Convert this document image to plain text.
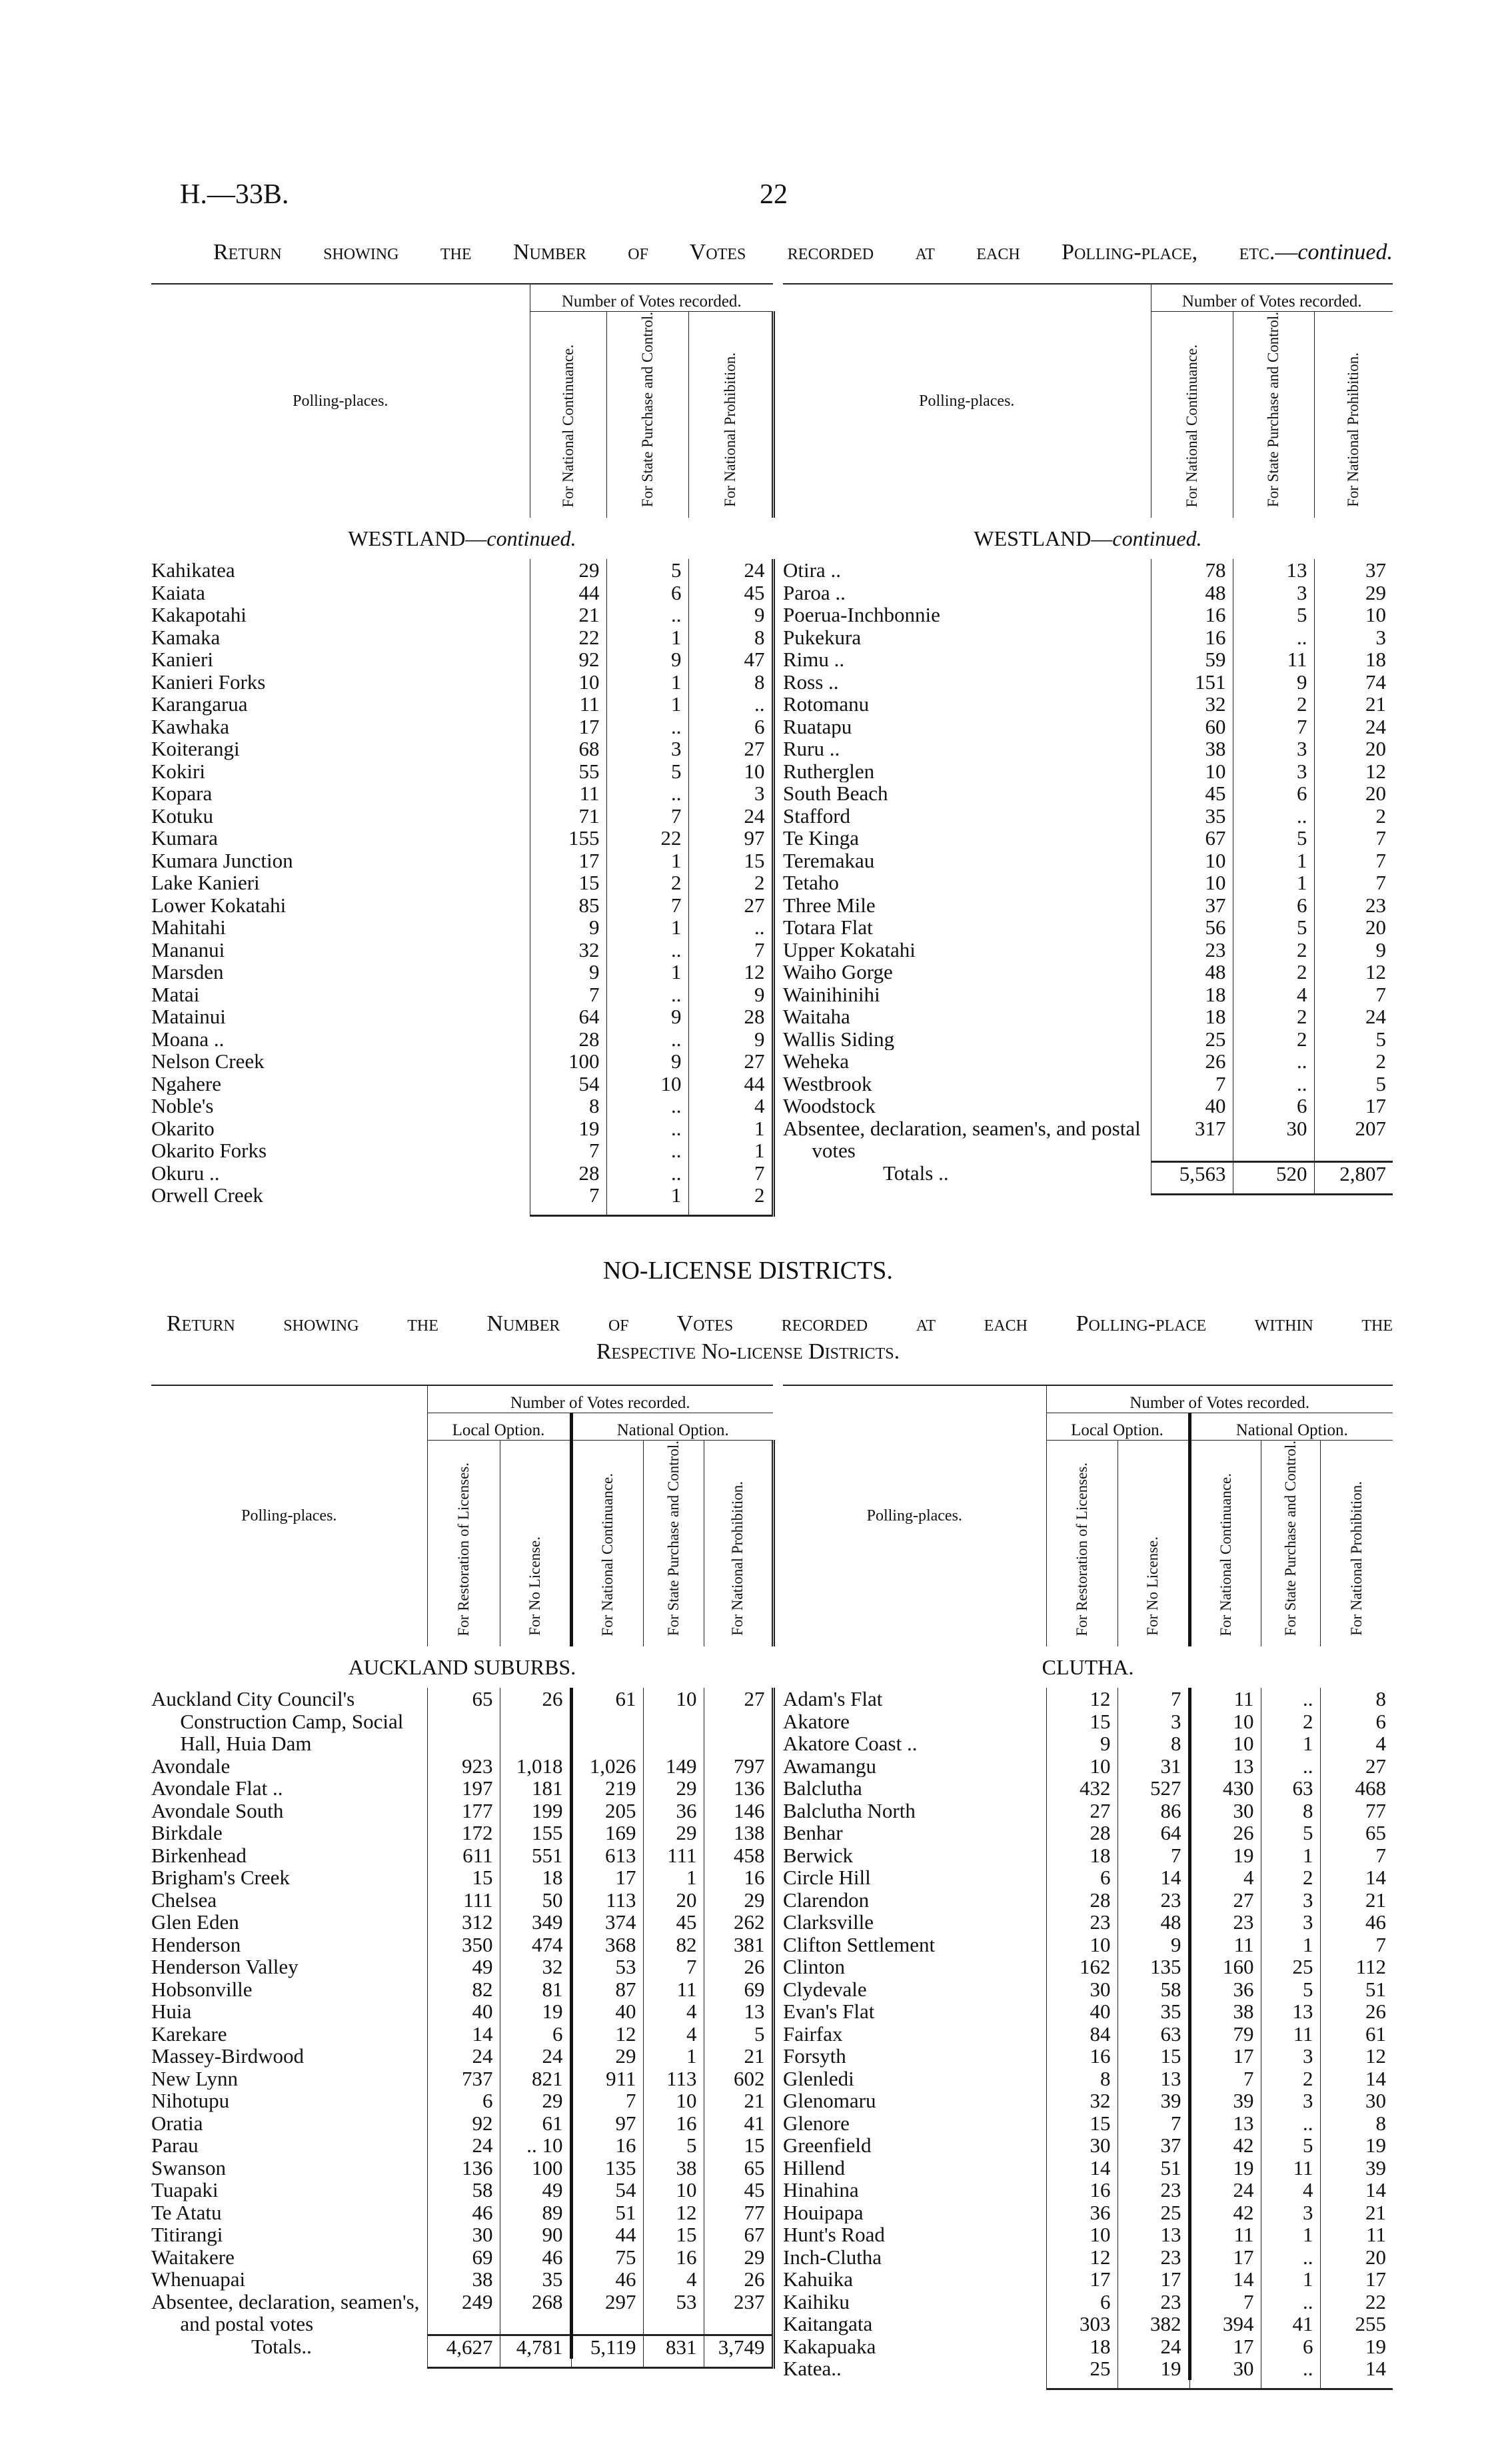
H.—33B.	22
Return showing the Number of Votes recorded at each Polling-place, etc.—continued.
Polling-places.	Number of Votes recorded.		
	For National Continuance.	For State Purchase and Control.	For National Prohibition.
WESTLAND—continued.			
Kahikatea	29	5	24
Kaiata	44	6	45
Kakapotahi	21	..	9
Kamaka	22	1	8
Kanieri	92	9	47
Kanieri Forks	10	1	8
Karangarua	11	1	..
Kawhaka	17	..	6
Koiterangi	68	3	27
Kokiri	55	5	10
Kopara	11	..	3
Kotuku	71	7	24
Kumara	155	22	97
Kumara Junction	17	1	15
Lake Kanieri	15	2	2
Lower Kokatahi	85	7	27
Mahitahi	9	1	..
Mananui	32	..	7
Marsden	9	1	12
Matai	7	..	9
Matainui	64	9	28
Moana ..	28	..	9
Nelson Creek	100	9	27
Ngahere	54	10	44
Noble's	8	..	4
Okarito	19	..	1
Okarito Forks	7	..	1
Okuru ..	28	..	7
Orwell Creek	7	1	2

Polling-places.	Number of Votes recorded.		
	For National Continuance.	For State Purchase and Control.	For National Prohibition.
WESTLAND—continued.			
Otira ..	78	13	37
Paroa ..	48	3	29
Poerua-Inchbonnie	16	5	10
Pukekura	16	..	3
Rimu ..	59	11	18
Ross ..	151	9	74
Rotomanu	32	2	21
Ruatapu	60	7	24
Ruru ..	38	3	20
Rutherglen	10	3	12
South Beach	45	6	20
Stafford	35	..	2
Te Kinga	67	5	7
Teremakau	10	1	7
Tetaho	10	1	7
Three Mile	37	6	23
Totara Flat	56	5	20
Upper Kokatahi	23	2	9
Waiho Gorge	48	2	12
Wainihinihi	18	4	7
Waitaha	18	2	24
Wallis Siding	25	2	5
Weheka	26	..	2
Westbrook	7	..	5
Woodstock	40	6	17
Absentee, declaration, seamen's, and postal votes	317	30	207
Totals ..	5,563	520	2,807

NO-LICENSE DISTRICTS.
Return showing the Number of Votes recorded at each Polling-place within the
Respective No-license Districts.
Polling-places.	Number of Votes recorded.				
	Local Option.		National Option.		
	For Restoration of Licenses.	For No License.	For National Continuance.	For State Purchase and Control.	For National Prohibition.
AUCKLAND SUBURBS.					
Auckland City Council's Construction Camp, Social Hall, Huia Dam	65	26	61	10	27
Avondale	923	1,018	1,026	149	797
Avondale Flat ..	197	181	219	29	136
Avondale South	177	199	205	36	146
Birkdale	172	155	169	29	138
Birkenhead	611	551	613	111	458
Brigham's Creek	15	18	17	1	16
Chelsea	111	50	113	20	29
Glen Eden	312	349	374	45	262
Henderson	350	474	368	82	381
Henderson Valley	49	32	53	7	26
Hobsonville	82	81	87	11	69
Huia	40	19	40	4	13
Karekare	14	6	12	4	5
Massey-Birdwood	24	24	29	1	21
New Lynn	737	821	911	113	602
Nihotupu	6	29	7	10	21
Oratia	92	61	97	16	41
Parau	24	.. 10	16	5	15
Swanson	136	100	135	38	65
Tuapaki	58	49	54	10	45
Te Atatu	46	89	51	12	77
Titirangi	30	90	44	15	67
Waitakere	69	46	75	16	29
Whenuapai	38	35	46	4	26
Absentee, declaration, seamen's, and postal votes	249	268	297	53	237
Totals..	4,627	4,781	5,119	831	3,749

Polling-places.	Number of Votes recorded.				
	Local Option.		National Option.		
	For Restoration of Licenses.	For No License.	For National Continuance.	For State Purchase and Control.	For National Prohibition.
CLUTHA.					
Adam's Flat	12	7	11	..	8
Akatore	15	3	10	2	6
Akatore Coast ..	9	8	10	1	4
Awamangu	10	31	13	..	27
Balclutha	432	527	430	63	468
Balclutha North	27	86	30	8	77
Benhar	28	64	26	5	65
Berwick	18	7	19	1	7
Circle Hill	6	14	4	2	14
Clarendon	28	23	27	3	21
Clarksville	23	48	23	3	46
Clifton Settlement	10	9	11	1	7
Clinton	162	135	160	25	112
Clydevale	30	58	36	5	51
Evan's Flat	40	35	38	13	26
Fairfax	84	63	79	11	61
Forsyth	16	15	17	3	12
Glenledi	8	13	7	2	14
Glenomaru	32	39	39	3	30
Glenore	15	7	13	..	8
Greenfield	30	37	42	5	19
Hillend	14	51	19	11	39
Hinahina	16	23	24	4	14
Houipapa	36	25	42	3	21
Hunt's Road	10	13	11	1	11
Inch-Clutha	12	23	17	..	20
Kahuika	17	17	14	1	17
Kaihiku	6	23	7	..	22
Kaitangata	303	382	394	41	255
Kakapuaka	18	24	17	6	19
Katea..	25	19	30	..	14
